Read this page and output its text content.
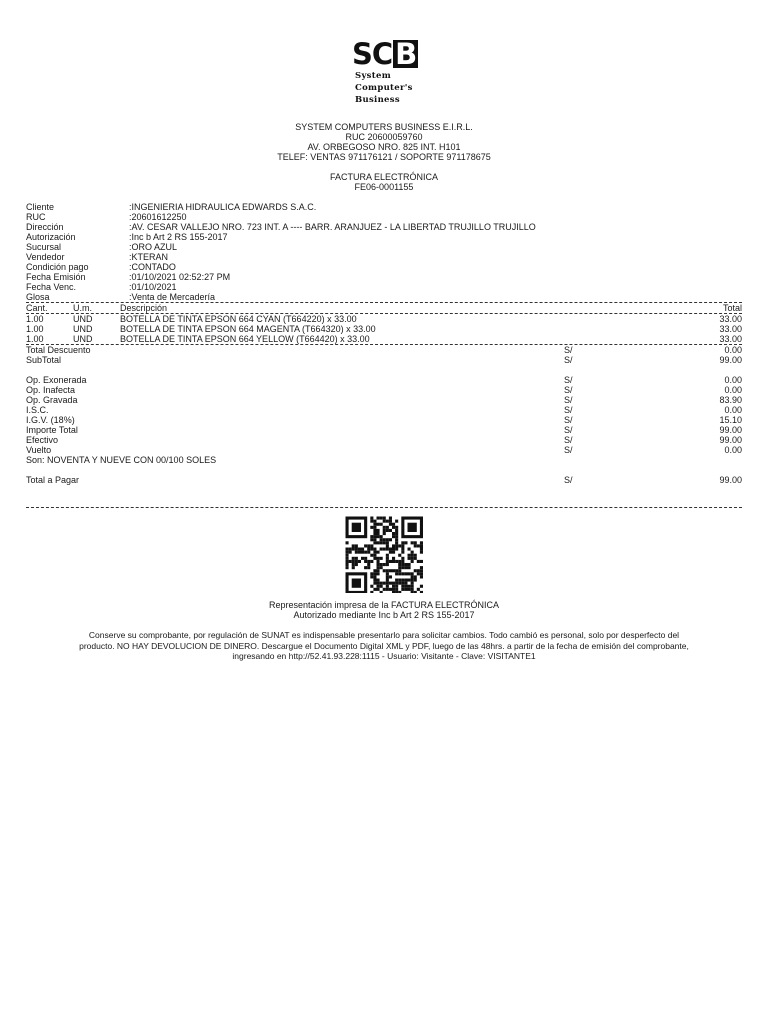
SC B
System
Computer's
Business
SYSTEM COMPUTERS BUSINESS E.I.R.L.
RUC 20600059760
AV. ORBEGOSO NRO. 825 INT. H101
TELEF: VENTAS 971176121 / SOPORTE 971178675
FACTURA ELECTRÓNICA
FE06-0001155
Cliente	:INGENIERIA HIDRAULICA EDWARDS S.A.C.
RUC	:20601612250
Dirección	:AV. CESAR VALLEJO NRO. 723 INT. A ---- BARR. ARANJUEZ - LA LIBERTAD TRUJILLO TRUJILLO
Autorización	:Inc b Art 2 RS 155-2017
Sucursal	:ORO AZUL
Vendedor	:KTERAN
Condición pago	:CONTADO
Fecha Emisión	:01/10/2021 02:52:27 PM
Fecha Venc.	:01/10/2021
Glosa	:Venta de Mercadería
Cant.	U.m.	Descripción	Total
1.00	UND	BOTELLA DE TINTA EPSON 664 CYAN (T664220) x 33.00	33.00
1.00	UND	BOTELLA DE TINTA EPSON 664 MAGENTA (T664320) x 33.00	33.00
1.00	UND	BOTELLA DE TINTA EPSON 664 YELLOW (T664420) x 33.00	33.00
Total Descuento	S/	0.00
SubTotal	S/	99.00
Op. Exonerada	S/	0.00
Op. Inafecta	S/	0.00
Op. Gravada	S/	83.90
I.S.C.	S/	0.00
I.G.V. (18%)	S/	15.10
Importe Total	S/	99.00
Efectivo	S/	99.00
Vuelto	S/	0.00
Son: NOVENTA Y NUEVE CON 00/100 SOLES
Total a Pagar	S/	99.00
Representación impresa de la FACTURA ELECTRÓNICA
Autorizado mediante Inc b Art 2 RS 155-2017
Conserve su comprobante, por regulación de SUNAT es indispensable presentarlo para solicitar cambios. Todo cambió es personal, solo por desperfecto del
producto. NO HAY DEVOLUCION DE DINERO. Descargue el Documento Digital XML y PDF, luego de las 48hrs. a partir de la fecha de emisión del comprobante,
ingresando en http://52.41.93.228:1115 - Usuario: Visitante - Clave: VISITANTE1
